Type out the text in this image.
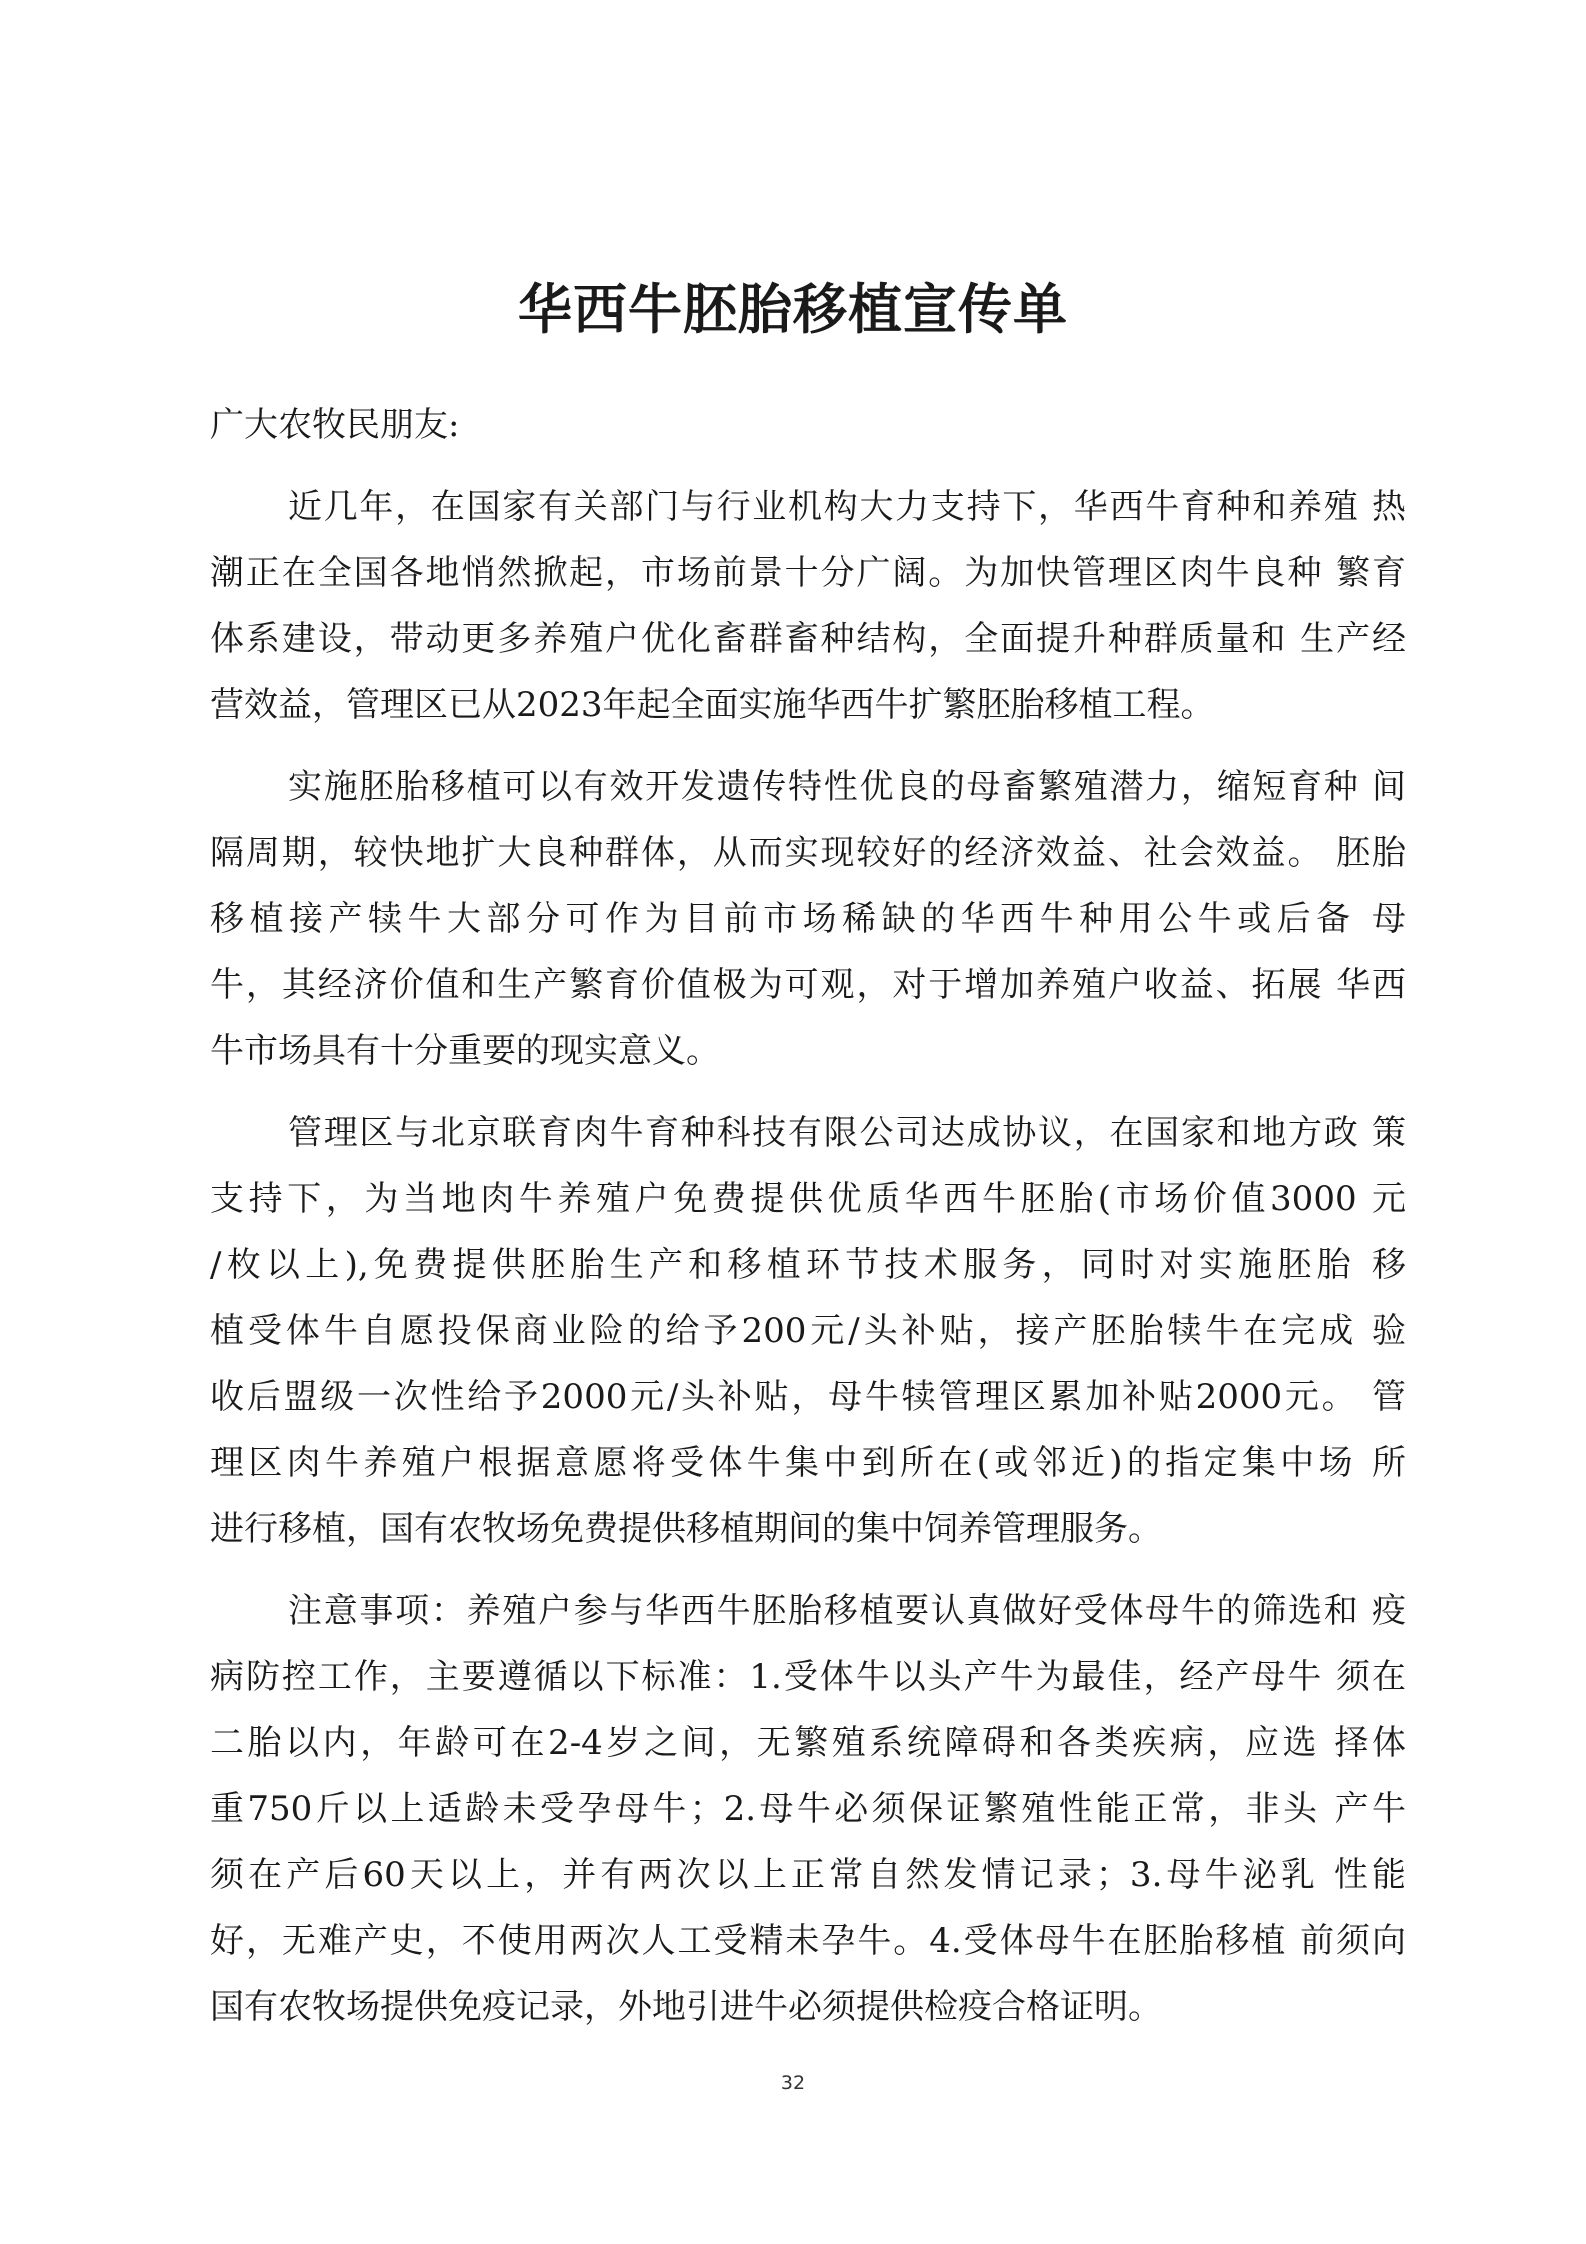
华西牛胚胎移植宣传单
广大农牧民朋友:
近几年，在国家有关部门与行业机构大力支持下，华西牛育种和养殖 热
潮正在全国各地悄然掀起，市场前景十分广阔。为加快管理区肉牛良种 繁育
体系建设，带动更多养殖户优化畜群畜种结构，全面提升种群质量和 生产经
营效益，管理区已从2023年起全面实施华西牛扩繁胚胎移植工程。
实施胚胎移植可以有效开发遗传特性优良的母畜繁殖潜力，缩短育种 间
隔周期，较快地扩大良种群体，从而实现较好的经济效益、社会效益。 胚胎
移植接产犊牛大部分可作为目前市场稀缺的华西牛种用公牛或后备 母
牛，其经济价值和生产繁育价值极为可观，对于增加养殖户收益、拓展 华西
牛市场具有十分重要的现实意义。
管理区与北京联育肉牛育种科技有限公司达成协议，在国家和地方政 策
支持下，为当地肉牛养殖户免费提供优质华西牛胚胎(市场价值3000 元
/枚以上),免费提供胚胎生产和移植环节技术服务，同时对实施胚胎 移
植受体牛自愿投保商业险的给予200元/头补贴，接产胚胎犊牛在完成 验
收后盟级一次性给予2000元/头补贴，母牛犊管理区累加补贴2000元。 管
理区肉牛养殖户根据意愿将受体牛集中到所在(或邻近)的指定集中场 所
进行移植，国有农牧场免费提供移植期间的集中饲养管理服务。
注意事项：养殖户参与华西牛胚胎移植要认真做好受体母牛的筛选和 疫
病防控工作，主要遵循以下标准：1.受体牛以头产牛为最佳，经产母牛 须在
二胎以内，年龄可在2-4岁之间，无繁殖系统障碍和各类疾病，应选 择体
重750斤以上适龄未受孕母牛；2.母牛必须保证繁殖性能正常，非头 产牛
须在产后60天以上，并有两次以上正常自然发情记录；3.母牛泌乳 性能
好，无难产史，不使用两次人工受精未孕牛。4.受体母牛在胚胎移植 前须向
国有农牧场提供免疫记录，外地引进牛必须提供检疫合格证明。
32
